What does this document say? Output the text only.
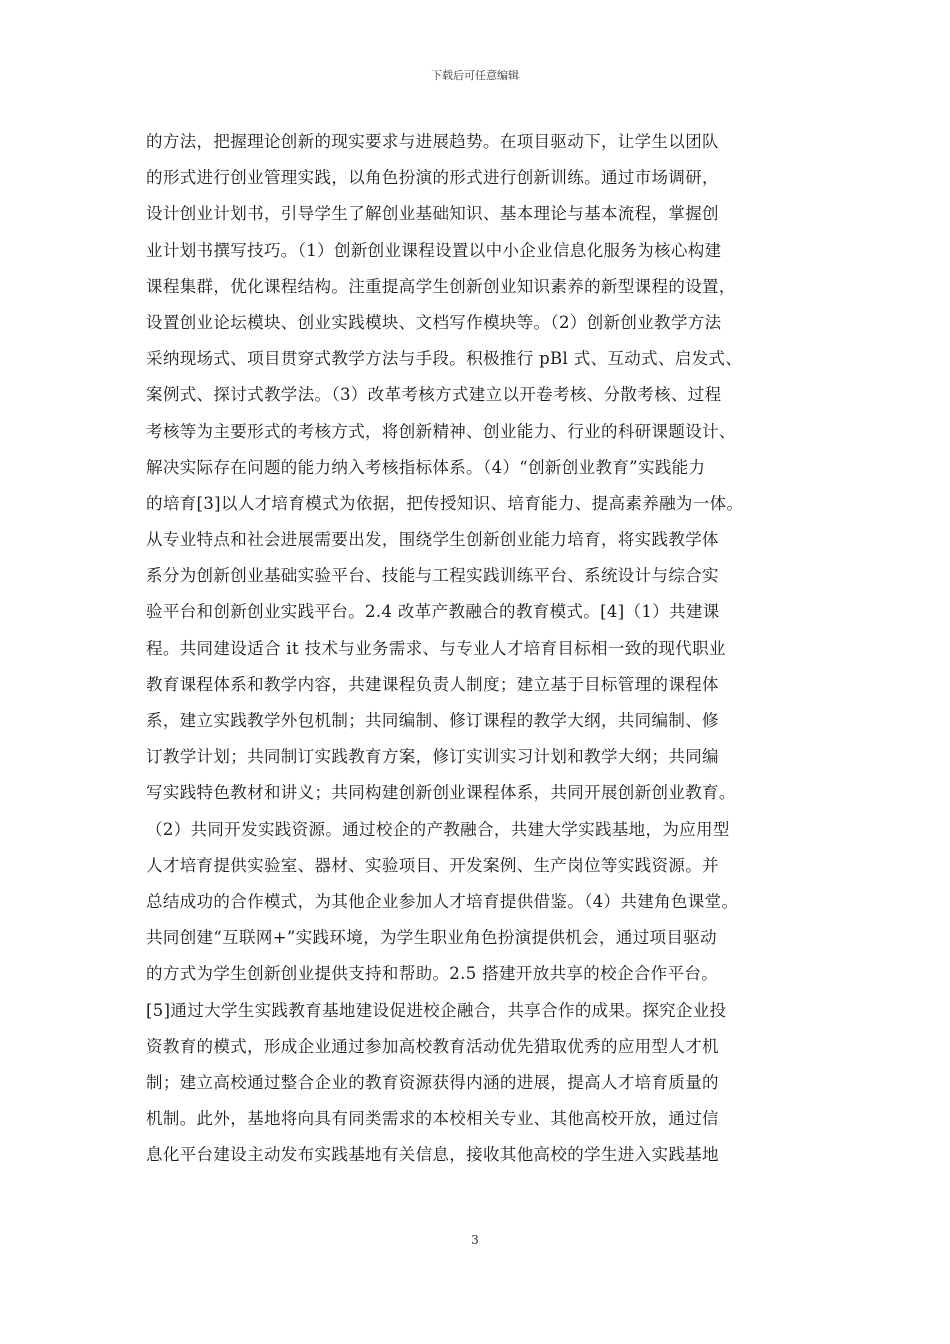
下载后可任意编辑
的方法，把握理论创新的现实要求与进展趋势。在项目驱动下，让学生以团队
的形式进行创业管理实践，以角色扮演的形式进行创新训练。通过市场调研，
设计创业计划书，引导学生了解创业基础知识、基本理论与基本流程，掌握创
业计划书撰写技巧。（1）创新创业课程设置以中小企业信息化服务为核心构建
课程集群，优化课程结构。注重提高学生创新创业知识素养的新型课程的设置，
设置创业论坛模块、创业实践模块、文档写作模块等。（2）创新创业教学方法
采纳现场式、项目贯穿式教学方法与手段。积极推行 pBl 式、互动式、启发式、
案例式、探讨式教学法。（3）改革考核方式建立以开卷考核、分散考核、过程
考核等为主要形式的考核方式，将创新精神、创业能力、行业的科研课题设计、
解决实际存在问题的能力纳入考核指标体系。（4）“创新创业教育”实践能力
的培育[3]以人才培育模式为依据，把传授知识、培育能力、提高素养融为一体。
从专业特点和社会进展需要出发，围绕学生创新创业能力培育，将实践教学体
系分为创新创业基础实验平台、技能与工程实践训练平台、系统设计与综合实
验平台和创新创业实践平台。2.4 改革产教融合的教育模式。[4]（1）共建课
程。共同建设适合 it 技术与业务需求、与专业人才培育目标相一致的现代职业
教育课程体系和教学内容，共建课程负责人制度；建立基于目标管理的课程体
系，建立实践教学外包机制；共同编制、修订课程的教学大纲，共同编制、修
订教学计划；共同制订实践教育方案，修订实训实习计划和教学大纲；共同编
写实践特色教材和讲义；共同构建创新创业课程体系，共同开展创新创业教育。
（2）共同开发实践资源。通过校企的产教融合，共建大学实践基地，为应用型
人才培育提供实验室、器材、实验项目、开发案例、生产岗位等实践资源。并
总结成功的合作模式，为其他企业参加人才培育提供借鉴。（4）共建角色课堂。
共同创建“互联网+”实践环境，为学生职业角色扮演提供机会，通过项目驱动
的方式为学生创新创业提供支持和帮助。2.5 搭建开放共享的校企合作平台。
[5]通过大学生实践教育基地建设促进校企融合，共享合作的成果。探究企业投
资教育的模式，形成企业通过参加高校教育活动优先猎取优秀的应用型人才机
制；建立高校通过整合企业的教育资源获得内涵的进展，提高人才培育质量的
机制。此外，基地将向具有同类需求的本校相关专业、其他高校开放，通过信
息化平台建设主动发布实践基地有关信息，接收其他高校的学生进入实践基地
3
